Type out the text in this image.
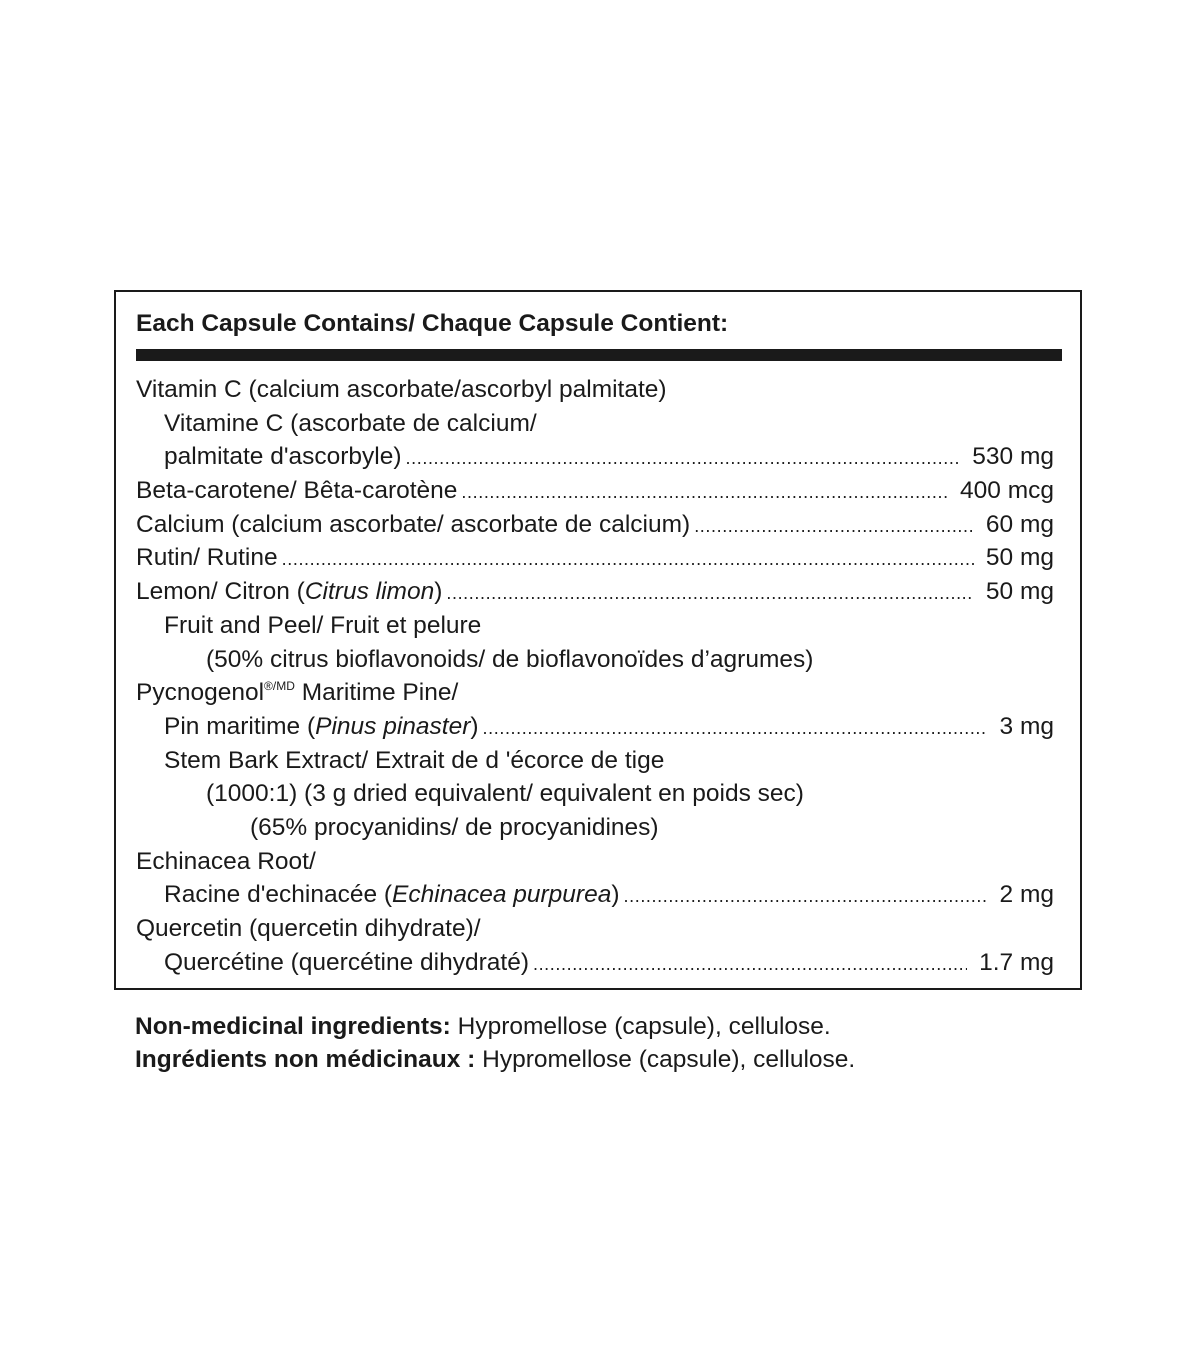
Each Capsule Contains/ Chaque Capsule Contient:
Vitamin C (calcium ascorbate/ascorbyl palmitate)
Vitamine C (ascorbate de calcium/
palmitate d'ascorbyle) .....	530 mg
Beta-carotene/ Bêta-carotène .....	400 mcg
Calcium (calcium ascorbate/ ascorbate de calcium) .....	60 mg
Rutin/ Rutine .....	50 mg
Lemon/ Citron (Citrus limon) .....	50 mg
Fruit and Peel/ Fruit et pelure
(50% citrus bioflavonoids/ de bioflavonoïdes d’agrumes)
Pycnogenol$^{®/MD}$ Maritime Pine/
Pin maritime (Pinus pinaster) .....	3 mg
Stem Bark Extract/ Extrait de d 'écorce de tige
(1000:1) (3 g dried equivalent/ equivalent en poids sec)
(65% procyanidins/ de procyanidines)
Echinacea Root/
Racine d'echinacée (Echinacea purpurea) .....	2 mg
Quercetin (quercetin dihydrate)/
Quercétine (quercétine dihydraté) .....	1.7 mg
Non-medicinal ingredients: Hypromellose (capsule), cellulose.
Ingrédients non médicinaux : Hypromellose (capsule), cellulose.
